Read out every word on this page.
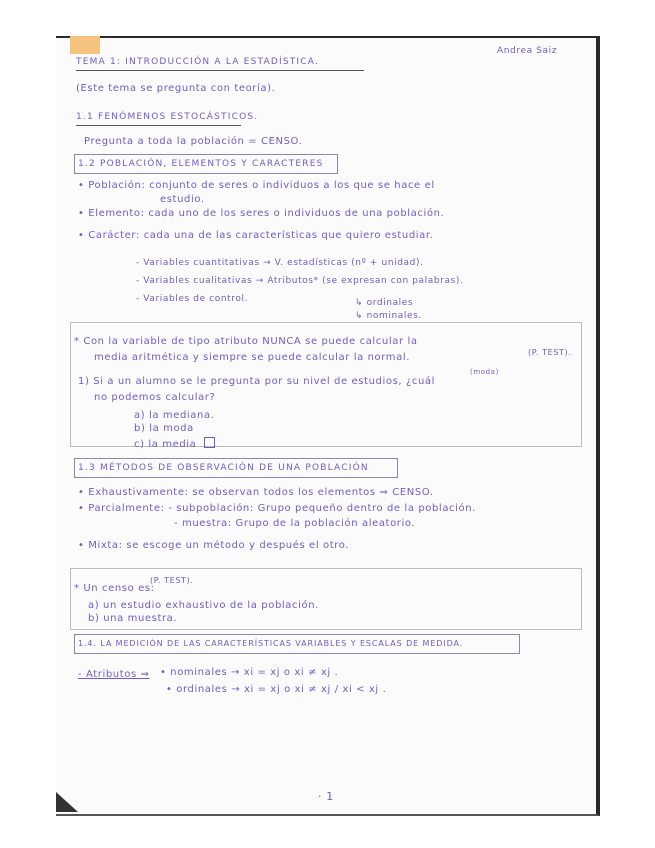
TEMA 1: INTRODUCCIÓN A LA ESTADÍSTICA.
Andrea Saiz
(Este tema se pregunta con teoría).
1.1 FENÓMENOS ESTOCÁSTICOS.
Pregunta a toda la población = CENSO.
1.2 POBLACIÓN, ELEMENTOS Y CARACTERES
• Población: conjunto de seres o individuos a los que se hace el
estudio.
• Elemento: cada uno de los seres o individuos de una población.
• Carácter: cada una de las características que quiero estudiar.
- Variables cuantitativas → V. estadísticas (nº + unidad).
- Variables cualitativas → Atributos* (se expresan con palabras).
- Variables de control.	↳ ordinales
↳ nominales.
* Con la variable de tipo atributo NUNCA se puede calcular la
media aritmética y siempre se puede calcular la normal.
(moda)
(P. TEST).
1) Si a un alumno se le pregunta por su nivel de estudios, ¿cuál
no podemos calcular?
a) la mediana.
b) la moda
c) la media
1.3 MÉTODOS DE OBSERVACIÓN DE UNA POBLACIÓN
• Exhaustivamente: se observan todos los elementos ⇒ CENSO.
• Parcialmente: - subpoblación: Grupo pequeño dentro de la población.
- muestra: Grupo de la población aleatorio.
• Mixta: se escoge un método y después el otro.
* Un censo es:
(P. TEST).
a) un estudio exhaustivo de la población.
b) una muestra.
1.4. LA MEDICIÓN DE LAS CARACTERÍSTICAS VARIABLES Y ESCALAS DE MEDIDA.
- Atributos ⇒ • nominales → xi = xj o xi ≠ xj .
• ordinales → xi = xj o xi ≠ xj / xi < xj .
· 1
